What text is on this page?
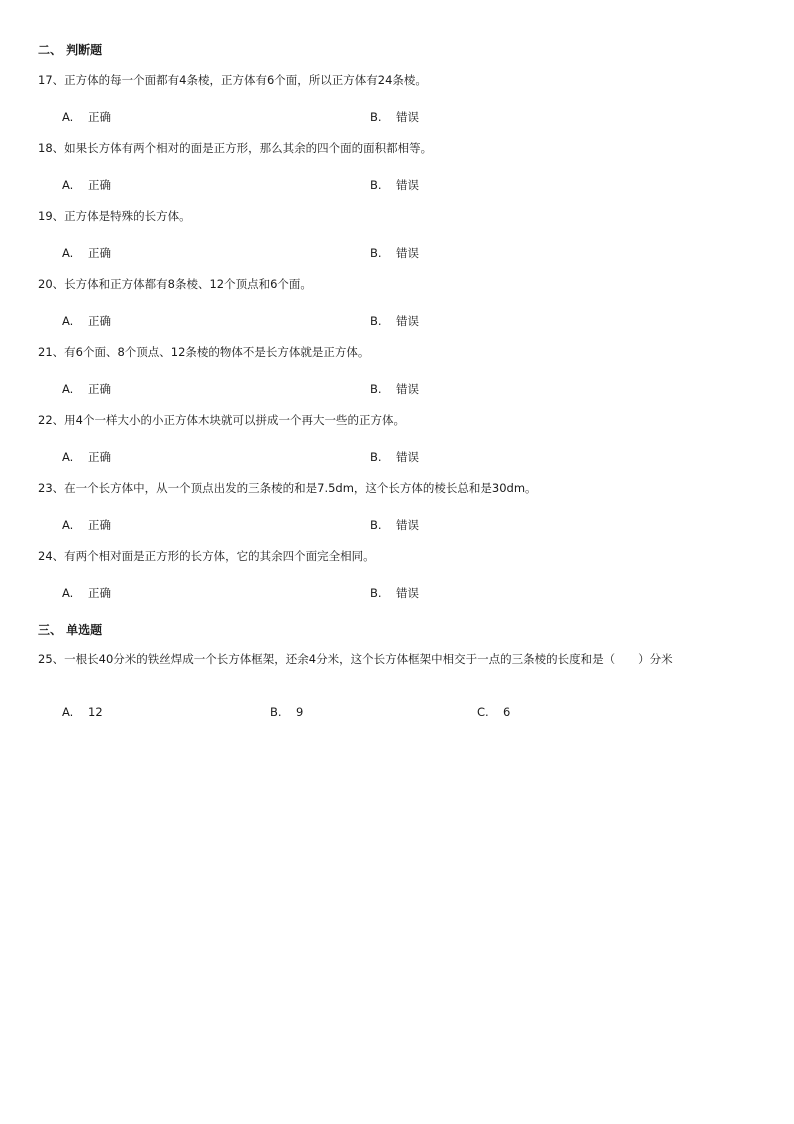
二、 判断题
17、正方体的每一个面都有4条棱，正方体有6个面，所以正方体有24条棱。
A. 正确	B. 错误
18、如果长方体有两个相对的面是正方形，那么其余的四个面的面积都相等。
A. 正确	B. 错误
19、正方体是特殊的长方体。
A. 正确	B. 错误
20、长方体和正方体都有8条棱、12个顶点和6个面。
A. 正确	B. 错误
21、有6个面、8个顶点、12条棱的物体不是长方体就是正方体。
A. 正确	B. 错误
22、用4个一样大小的小正方体木块就可以拼成一个再大一些的正方体。
A. 正确	B. 错误
23、在一个长方体中，从一个顶点出发的三条棱的和是7.5dm，这个长方体的棱长总和是30dm。
A. 正确	B. 错误
24、有两个相对面是正方形的长方体，它的其余四个面完全相同。
A. 正确	B. 错误
三、 单选题
25、一根长40分米的铁丝焊成一个长方体框架，还余4分米，这个长方体框架中相交于一点的三条棱的长度和是（　　）分米
A. 12	B. 9	C. 6
